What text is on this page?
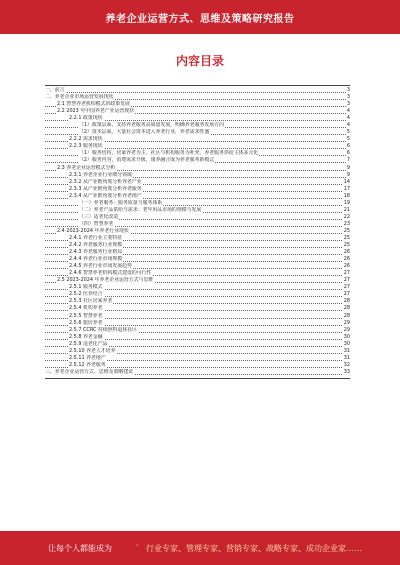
养老企业运营方式、思维及策略研究报告
内容目录
一、前言	3
二、养老企业市场运营发展现状	3
2.1 智慧养老机构模式的政策发展	3
2.2 2023 年中国养老产业运营现状	4
2.2.1 政策现状	4
（1）政策层面，支持养老服务高质量发展，明确养老服务发展方向	4
（2）资本层面，大量社会资本进入养老行业，养老需求旺盛	5
2.2.2 需求现状	5
2.2.3 服务现状	6
（1）服务结构，居家养老为主，社区与机构服务为补充，养老服务供给主体多元化	6
（2）服务内容，消费需求升级，康养融合成为养老服务新模式	7
2.3 养老企业运营模式分析	9
2.3.1 养老企业行业细分领域	9
2.3.2 从产业链角度分析养老产业	14
2.3.3 从产业链角度分析养老服务	17
2.3.4 从产业链角度分析养老地产	18
（一）养老服务：服务质量与服务体系	19
（二）养老产品供给与需求：老年用品市场的规模与发展	21
（三）适老化改造	22
（四）智慧养老	23
2.4 2023-2024 年养老行业现状	25
2.4.1 养老行业主要特征	25
2.4.2 养老服务行业规模	25
2.4.3 养老服务行业格局	26
2.4.4 养老行业市场规模	26
2.4.5 养老行业市场发展趋势	26
2.4.6 智慧养老机构模式建设的可行性	27
2.5 2023-2024 年养老企业运营方式与思维	27
2.5.1 服务模式	27
2.5.2 医养结合	27
2.5.3 社区居家养老	28
2.5.4 机构养老	28
2.5.5 智慧养老	28
2.5.6 旅居养老	29
2.5.7 CCRC 持续照料退休社区	29
2.5.8 养老金融	30
2.5.9 适老化产品	30
2.5.10 养老人才培养	31
2.5.11 养老地产	31
2.5.12 养老服务	32
三、养老企业运营方式、思维及策略建议	33
让每个人都能成为	· 行业专家、管理专家、营销专家、战略专家、成功企业家……
